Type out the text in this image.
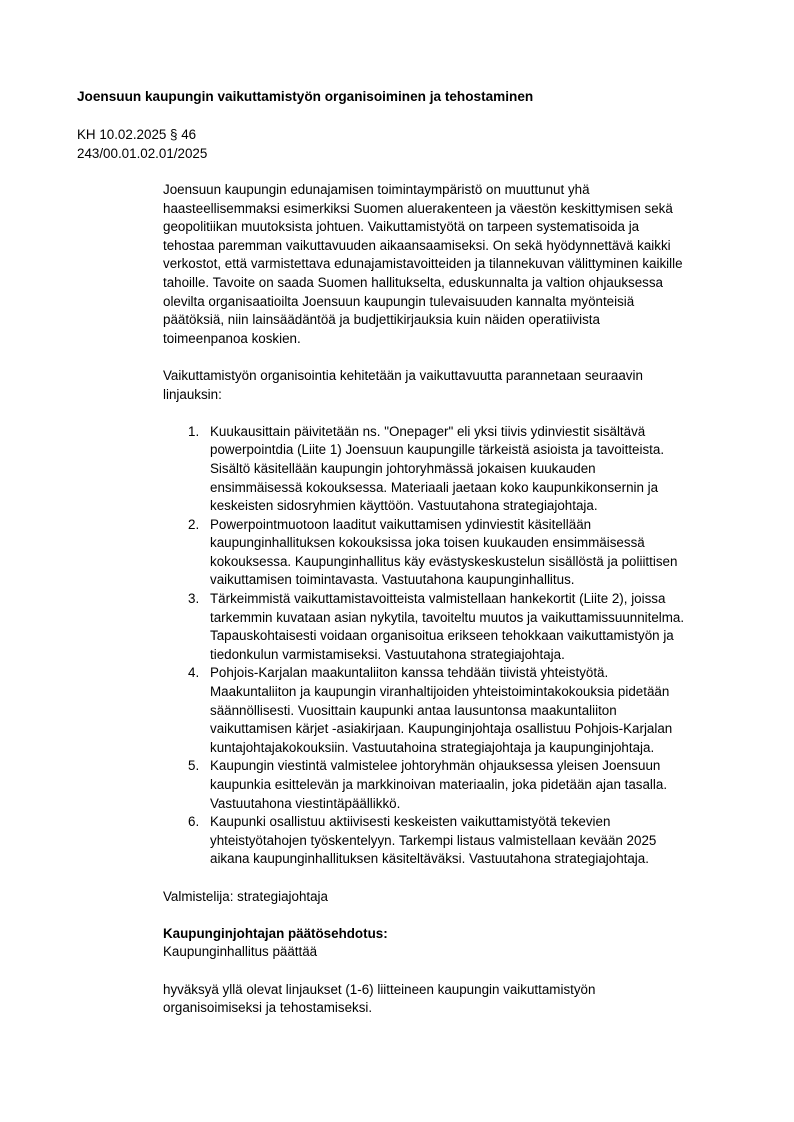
Joensuun kaupungin vaikuttamistyön organisoiminen ja tehostaminen
KH 10.02.2025 § 46
243/00.01.02.01/2025
Joensuun kaupungin edunajamisen toimintaympäristö on muuttunut yhä
haasteellisemmaksi esimerkiksi Suomen aluerakenteen ja väestön keskittymisen sekä
geopolitiikan muutoksista johtuen. Vaikuttamistyötä on tarpeen systematisoida ja
tehostaa paremman vaikuttavuuden aikaansaamiseksi. On sekä hyödynnettävä kaikki
verkostot, että varmistettava edunajamistavoitteiden ja tilannekuvan välittyminen kaikille
tahoille. Tavoite on saada Suomen hallitukselta, eduskunnalta ja valtion ohjauksessa
olevilta organisaatioilta Joensuun kaupungin tulevaisuuden kannalta myönteisiä
päätöksiä, niin lainsäädäntöä ja budjettikirjauksia kuin näiden operatiivista
toimeenpanoa koskien.
Vaikuttamistyön organisointia kehitetään ja vaikuttavuutta parannetaan seuraavin
linjauksin:
1. Kuukausittain päivitetään ns. "Onepager" eli yksi tiivis ydinviestit sisältävä
powerpointdia (Liite 1) Joensuun kaupungille tärkeistä asioista ja tavoitteista.
Sisältö käsitellään kaupungin johtoryhmässä jokaisen kuukauden
ensimmäisessä kokouksessa. Materiaali jaetaan koko kaupunkikonsernin ja
keskeisten sidosryhmien käyttöön. Vastuutahona strategiajohtaja.
2. Powerpointmuotoon laaditut vaikuttamisen ydinviestit käsitellään
kaupunginhallituksen kokouksissa joka toisen kuukauden ensimmäisessä
kokouksessa. Kaupunginhallitus käy evästyskeskustelun sisällöstä ja poliittisen
vaikuttamisen toimintavasta. Vastuutahona kaupunginhallitus.
3. Tärkeimmistä vaikuttamistavoitteista valmistellaan hankekortit (Liite 2), joissa
tarkemmin kuvataan asian nykytila, tavoiteltu muutos ja vaikuttamissuunnitelma.
Tapauskohtaisesti voidaan organisoitua erikseen tehokkaan vaikuttamistyön ja
tiedonkulun varmistamiseksi. Vastuutahona strategiajohtaja.
4. Pohjois-Karjalan maakuntaliiton kanssa tehdään tiivistä yhteistyötä.
Maakuntaliiton ja kaupungin viranhaltijoiden yhteistoimintakokouksia pidetään
säännöllisesti. Vuosittain kaupunki antaa lausuntonsa maakuntaliiton
vaikuttamisen kärjet -asiakirjaan. Kaupunginjohtaja osallistuu Pohjois-Karjalan
kuntajohtajakokouksiin. Vastuutahoina strategiajohtaja ja kaupunginjohtaja.
5. Kaupungin viestintä valmistelee johtoryhmän ohjauksessa yleisen Joensuun
kaupunkia esittelevän ja markkinoivan materiaalin, joka pidetään ajan tasalla.
Vastuutahona viestintäpäällikkö.
6. Kaupunki osallistuu aktiivisesti keskeisten vaikuttamistyötä tekevien
yhteistyötahojen työskentelyyn. Tarkempi listaus valmistellaan kevään 2025
aikana kaupunginhallituksen käsiteltäväksi. Vastuutahona strategiajohtaja.
Valmistelija: strategiajohtaja
Kaupunginjohtajan päätösehdotus:
Kaupunginhallitus päättää
hyväksyä yllä olevat linjaukset (1-6) liitteineen kaupungin vaikuttamistyön
organisoimiseksi ja tehostamiseksi.
